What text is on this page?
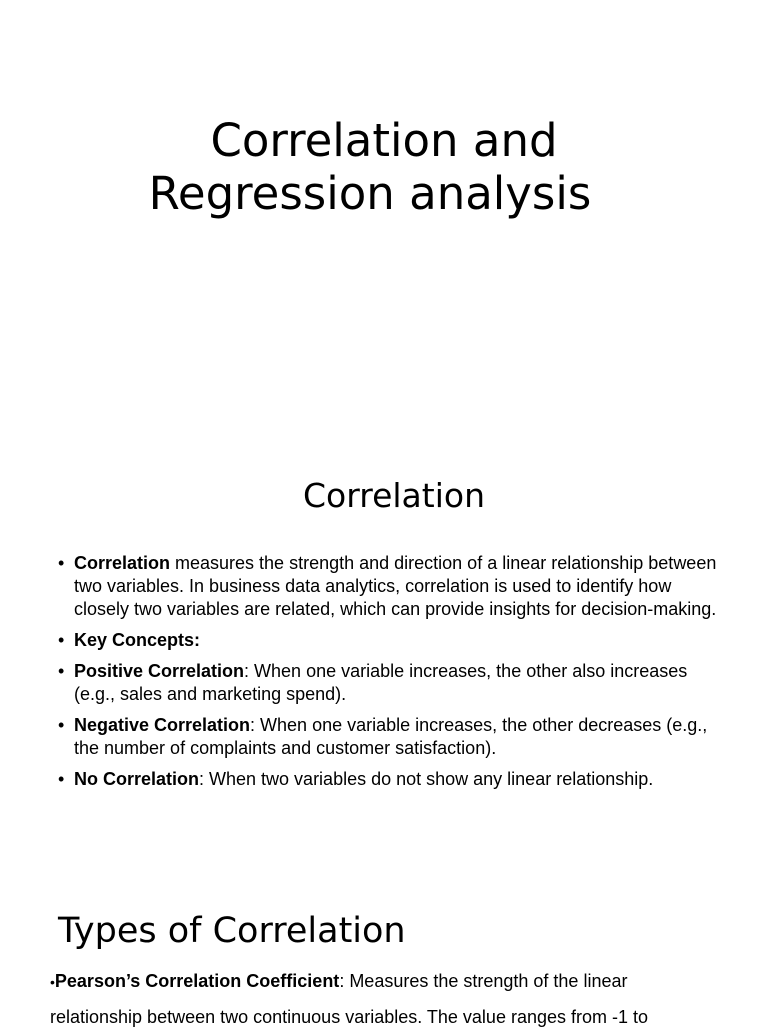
Correlation and
Regression analysis
Correlation
• Correlation measures the strength and direction of a linear relationship between two variables. In business data analytics, correlation is used to identify how closely two variables are related, which can provide insights for decision-making.
• Key Concepts:
• Positive Correlation: When one variable increases, the other also increases (e.g., sales and marketing spend).
• Negative Correlation: When one variable increases, the other decreases (e.g., the number of complaints and customer satisfaction).
• No Correlation: When two variables do not show any linear relationship.
Types of Correlation

•Pearson’s Correlation Coefficient: Measures the strength of the linear relationship between two continuous variables. The value ranges from -1 to
